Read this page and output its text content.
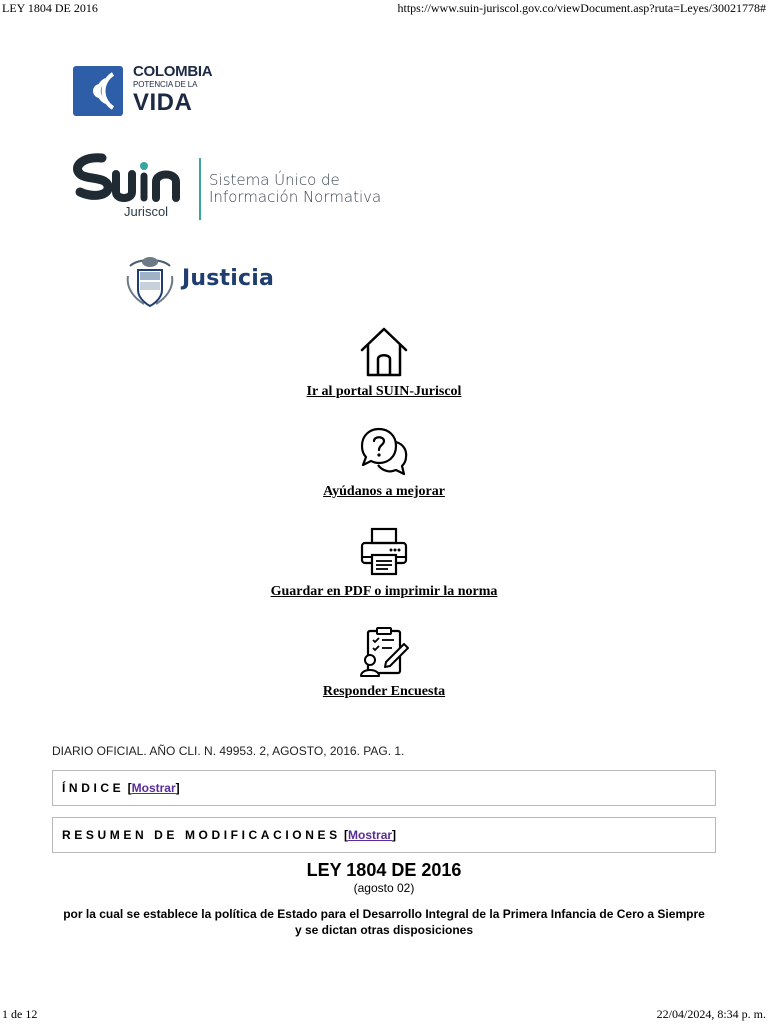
LEY 1804 DE 2016	https://www.suin-juriscol.gov.co/viewDocument.asp?ruta=Leyes/30021778#
COLOMBIA
POTENCIA DE LA
VIDA
Juriscol
Sistema Único de
Información Normativa
Justicia
Ir al portal SUIN-Juriscol
Ayúdanos a mejorar
Guardar en PDF o imprimir la norma
Responder Encuesta
DIARIO OFICIAL. AÑO CLI. N. 49953. 2, AGOSTO, 2016. PAG. 1.
ÍNDICE [Mostrar]
RESUMEN DE MODIFICACIONES [Mostrar]
LEY 1804 DE 2016
(agosto 02)
por la cual se establece la política de Estado para el Desarrollo Integral de la Primera Infancia de Cero a Siempre
y se dictan otras disposiciones
1 de 12	22/04/2024, 8:34 p. m.
